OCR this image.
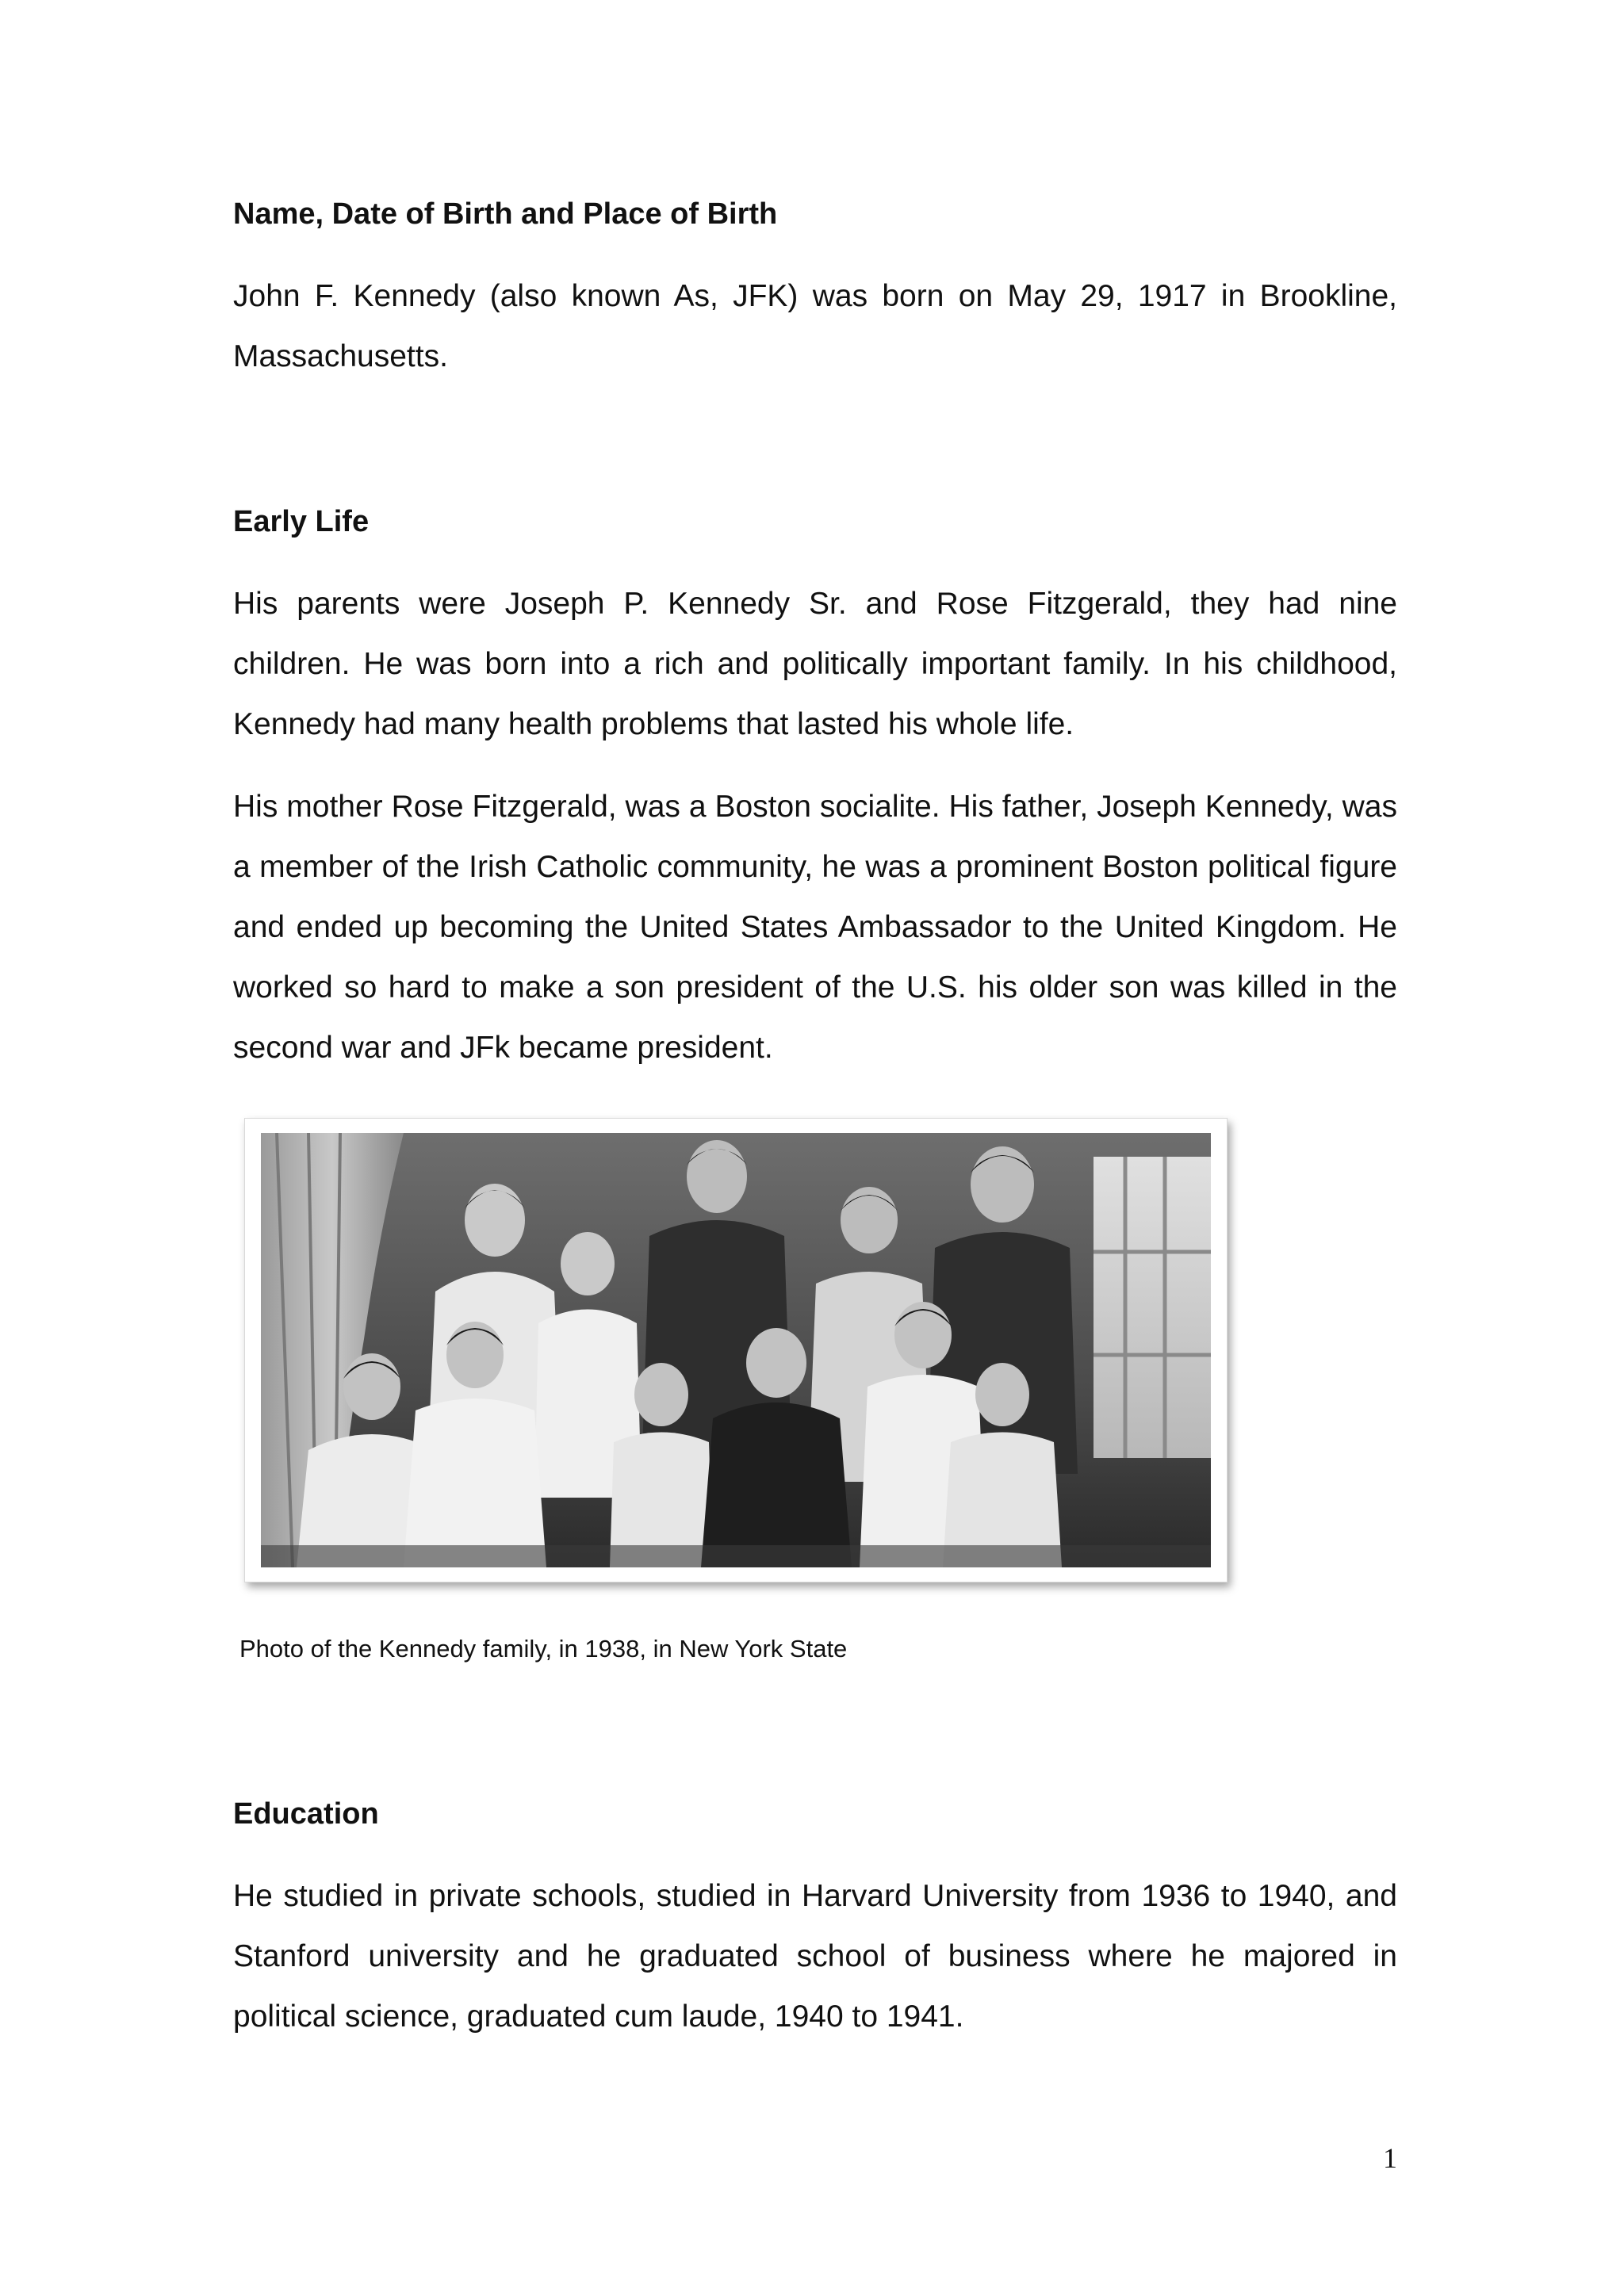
Name, Date of Birth and Place of Birth

John F. Kennedy (also known As, JFK) was born on May 29, 1917 in Brookline, Massachusetts.

Early Life

His parents were Joseph P. Kennedy Sr. and Rose Fitzgerald, they had nine children. He was born into a rich and politically important family. In his childhood, Kennedy had many health problems that lasted his whole life.

His mother Rose Fitzgerald, was a Boston socialite. His father, Joseph Kennedy, was a member of the Irish Catholic community, he was a prominent Boston political figure and ended up becoming the United States Ambassador to the United Kingdom. He worked so hard to make a son president of the U.S. his older son was killed in the second war and JFk became president.

Photo of the Kennedy family, in 1938, in New York State

Education

He studied in private schools, studied in Harvard University from 1936 to 1940, and Stanford university and he graduated school of business where he majored in political science, graduated cum laude, 1940 to 1941.

1
